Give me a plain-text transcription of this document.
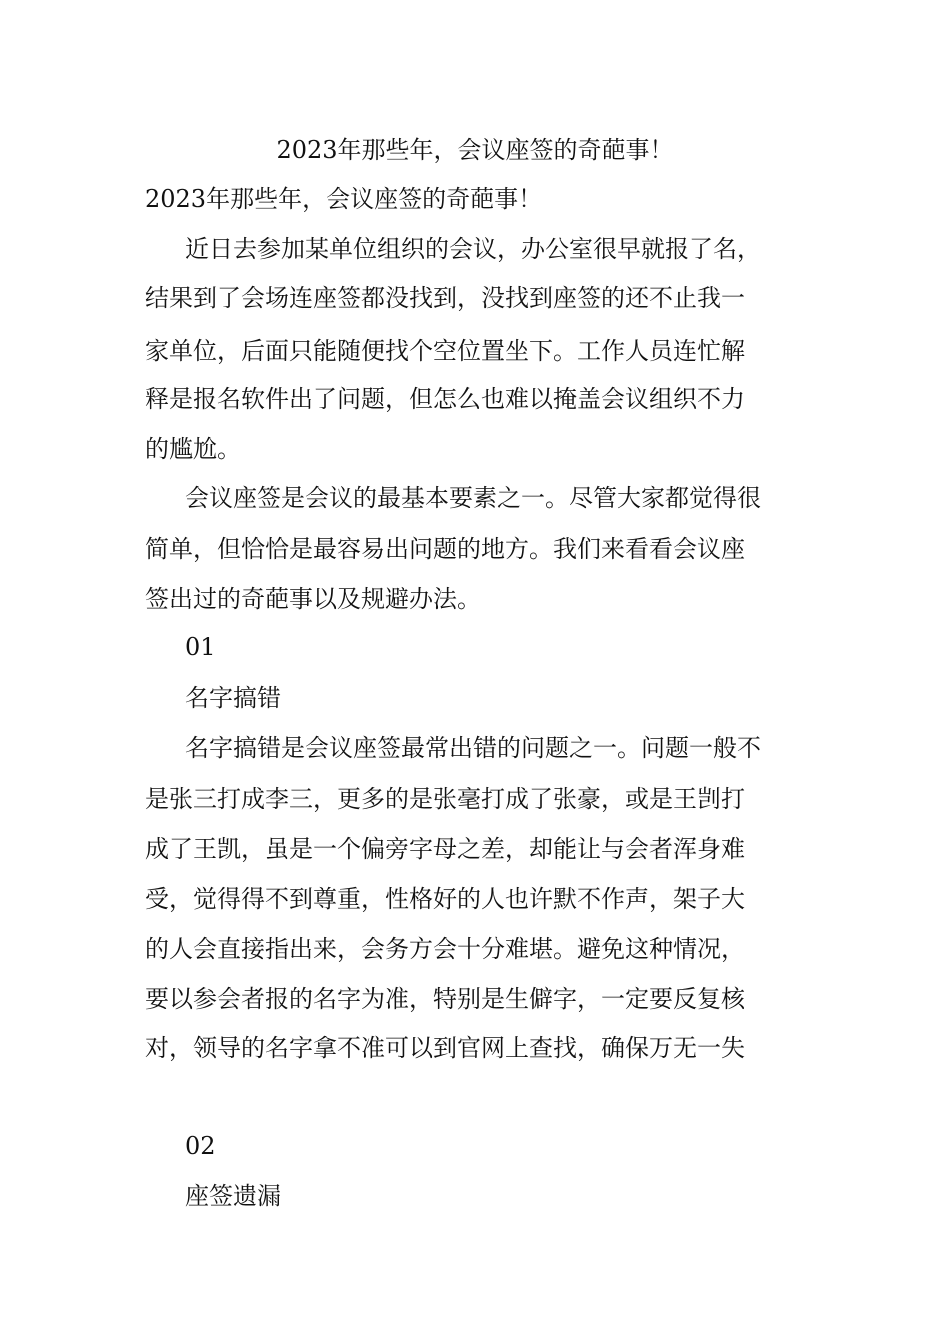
2023年那些年，会议座签的奇葩事！
2023年那些年，会议座签的奇葩事！
近日去参加某单位组织的会议，办公室很早就报了名，
结果到了会场连座签都没找到，没找到座签的还不止我一
家单位，后面只能随便找个空位置坐下。工作人员连忙解
释是报名软件出了问题，但怎么也难以掩盖会议组织不力
的尴尬。
会议座签是会议的最基本要素之一。尽管大家都觉得很
简单，但恰恰是最容易出问题的地方。我们来看看会议座
签出过的奇葩事以及规避办法。
01
名字搞错
名字搞错是会议座签最常出错的问题之一。问题一般不
是张三打成李三，更多的是张毫打成了张豪，或是王剀打
成了王凯，虽是一个偏旁字母之差，却能让与会者浑身难
受，觉得得不到尊重，性格好的人也许默不作声，架子大
的人会直接指出来，会务方会十分难堪。避免这种情况，
要以参会者报的名字为准，特别是生僻字，一定要反复核
对，领导的名字拿不准可以到官网上查找，确保万无一失
02
座签遗漏
